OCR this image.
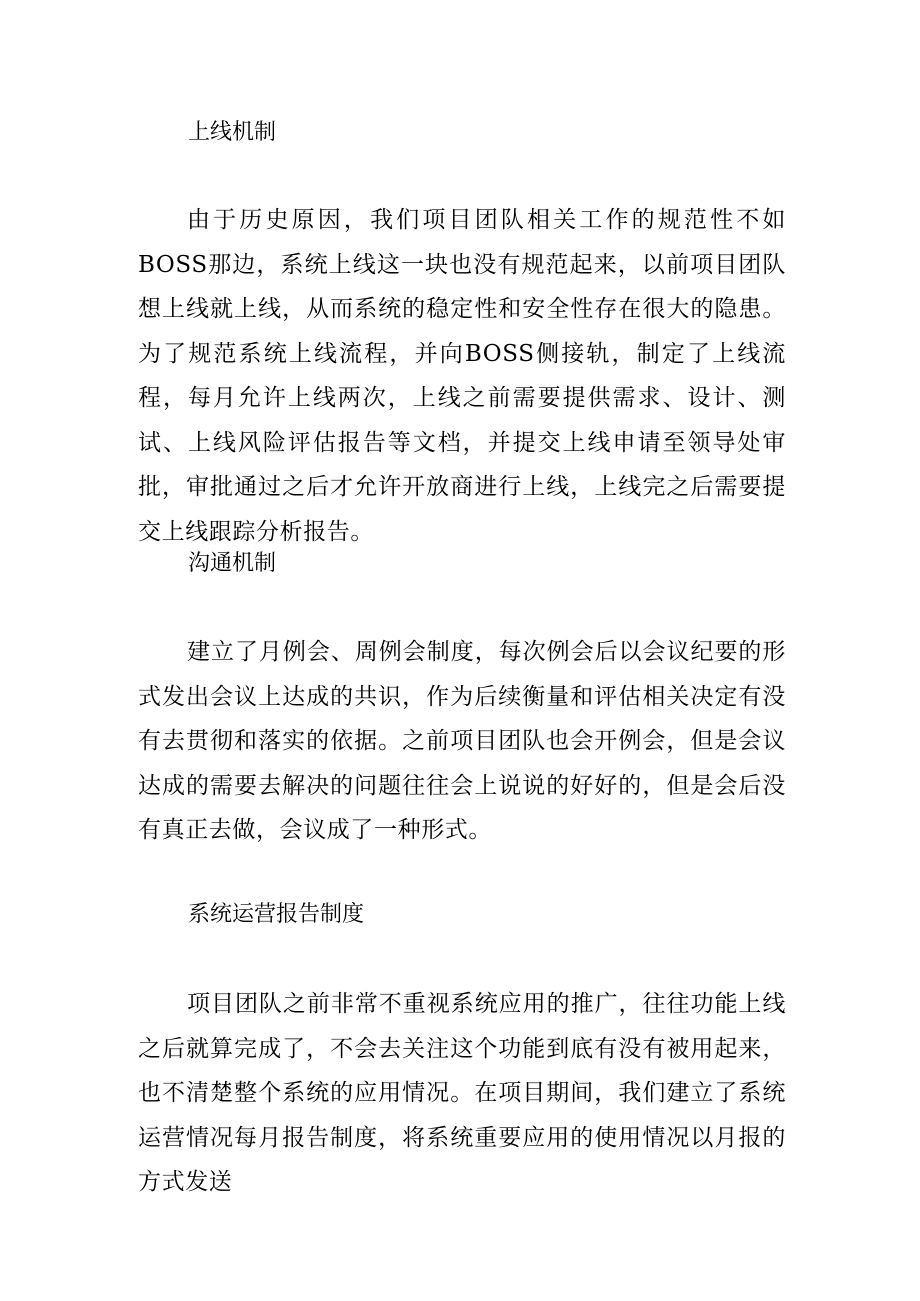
上线机制

由于历史原因，我们项目团队相关工作的规范性不如BOSS那边，系统上线这一块也没有规范起来，以前项目团队想上线就上线，从而系统的稳定性和安全性存在很大的隐患。为了规范系统上线流程，并向BOSS侧接轨，制定了上线流程，每月允许上线两次，上线之前需要提供需求、设计、测试、上线风险评估报告等文档，并提交上线申请至领导处审批，审批通过之后才允许开放商进行上线，上线完之后需要提交上线跟踪分析报告。

沟通机制

建立了月例会、周例会制度，每次例会后以会议纪要的形式发出会议上达成的共识，作为后续衡量和评估相关决定有没有去贯彻和落实的依据。之前项目团队也会开例会，但是会议达成的需要去解决的问题往往会上说说的好好的，但是会后没有真正去做，会议成了一种形式。

系统运营报告制度

项目团队之前非常不重视系统应用的推广，往往功能上线之后就算完成了，不会去关注这个功能到底有没有被用起来，也不清楚整个系统的应用情况。在项目期间，我们建立了系统运营情况每月报告制度，将系统重要应用的使用情况以月报的方式发送
